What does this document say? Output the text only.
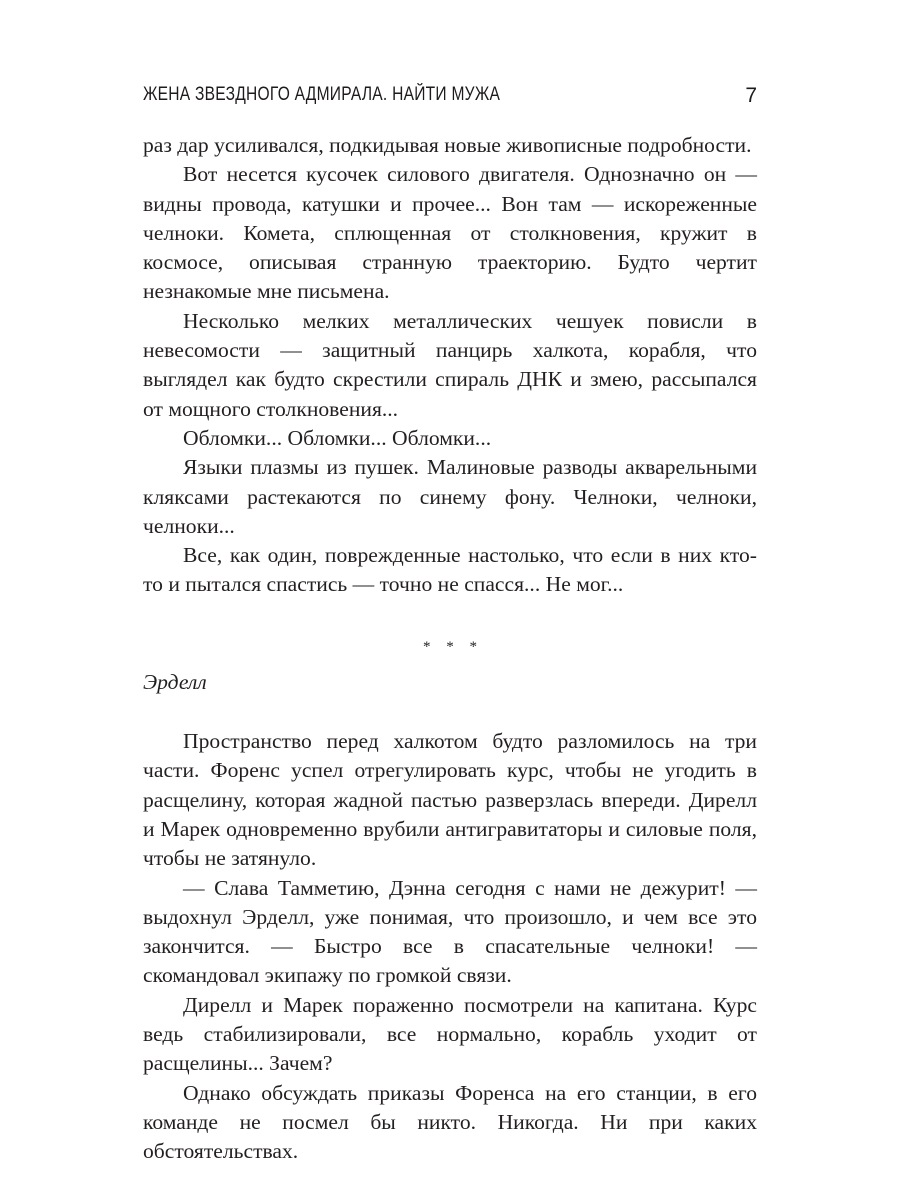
ЖЕНА ЗВЕЗДНОГО АДМИРАЛА. НАЙТИ МУЖА	7

раз дар усиливался, подкидывая новые живописные подробности.

Вот несется кусочек силового двигателя. Однозначно он — видны провода, катушки и прочее... Вон там — искореженные челноки. Комета, сплющенная от столкновения, кружит в космосе, описывая странную траекторию. Будто чертит незнакомые мне письмена.

Несколько мелких металлических чешуек повисли в невесомости — защитный панцирь халкота, корабля, что выглядел как будто скрестили спираль ДНК и змею, рассыпался от мощного столкновения...

Обломки... Обломки... Обломки...

Языки плазмы из пушек. Малиновые разводы акварельными кляксами растекаются по синему фону. Челноки, челноки, челноки...

Все, как один, поврежденные настолько, что если в них кто-то и пытался спастись — точно не спасся... Не мог...

* * *

Эрделл

Пространство перед халкотом будто разломилось на три части. Форенс успел отрегулировать курс, чтобы не угодить в расщелину, которая жадной пастью разверзлась впереди. Дирелл и Марек одновременно врубили антигравитаторы и силовые поля, чтобы не затянуло.

— Слава Тамметию, Дэнна сегодня с нами не дежурит! — выдохнул Эрделл, уже понимая, что произошло, и чем все это закончится. — Быстро все в спасательные челноки! — скомандовал экипажу по громкой связи.

Дирелл и Марек пораженно посмотрели на капитана. Курс ведь стабилизировали, все нормально, корабль уходит от расщелины... Зачем?

Однако обсуждать приказы Форенса на его станции, в его команде не посмел бы никто. Никогда. Ни при каких обстоятельствах.
